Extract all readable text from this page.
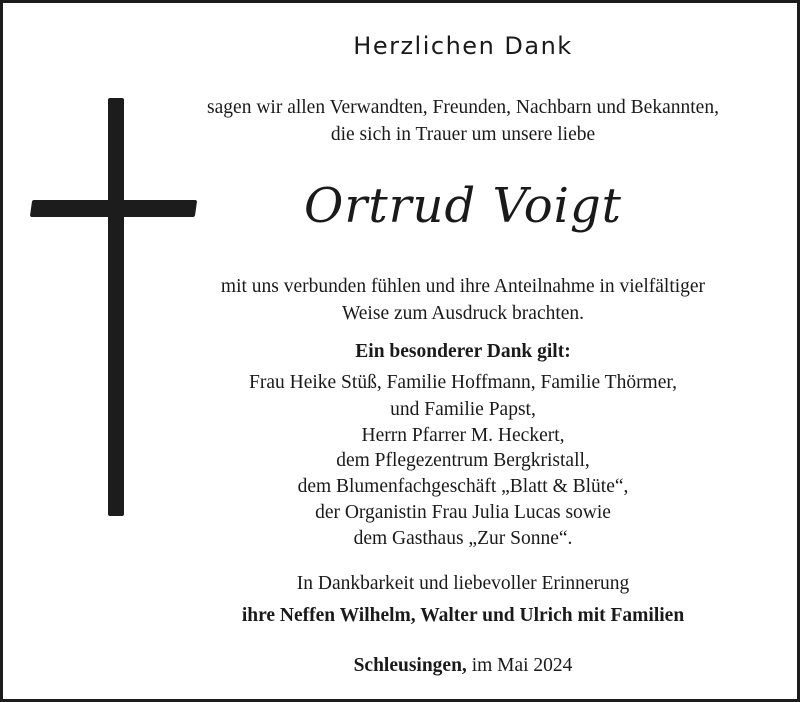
Herzlichen Dank
sagen wir allen Verwandten, Freunden, Nachbarn und Bekannten,
die sich in Trauer um unsere liebe
Ortrud Voigt
mit uns verbunden fühlen und ihre Anteilnahme in vielfältiger
Weise zum Ausdruck brachten.
Ein besonderer Dank gilt:
Frau Heike Stüß, Familie Hoffmann, Familie Thörmer,
und Familie Papst,
Herrn Pfarrer M. Heckert,
dem Pflegezentrum Bergkristall,
dem Blumenfachgeschäft „Blatt & Blüte“,
der Organistin Frau Julia Lucas sowie
dem Gasthaus „Zur Sonne“.
In Dankbarkeit und liebevoller Erinnerung
ihre Neffen Wilhelm, Walter und Ulrich mit Familien
Schleusingen, im Mai 2024
